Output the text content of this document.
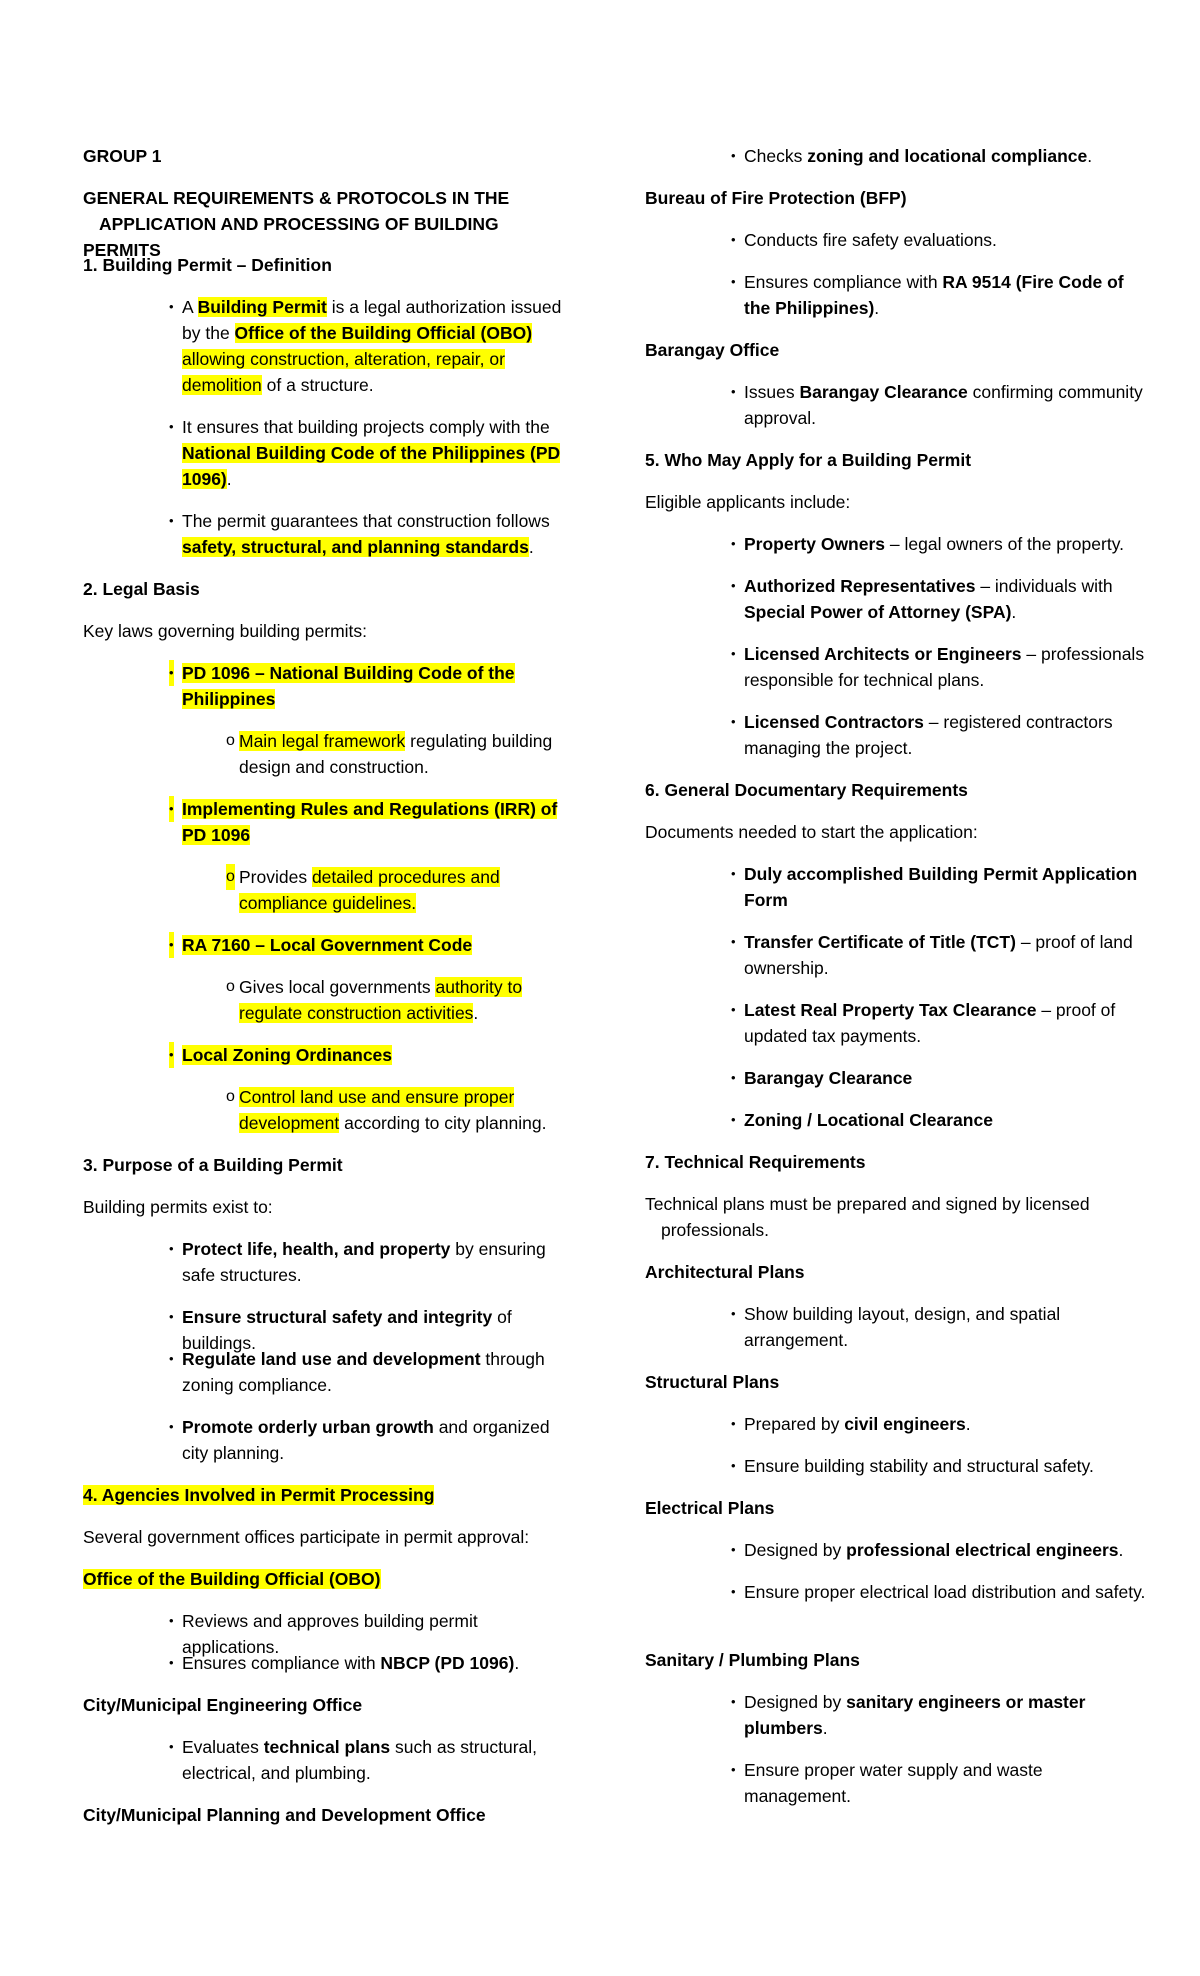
GROUP 1
GENERAL REQUIREMENTS & PROTOCOLS IN THE
APPLICATION AND PROCESSING OF BUILDING PERMITS
1. Building Permit – Definition
• A Building Permit is a legal authorization issued by the Office of the Building Official (OBO) allowing construction, alteration, repair, or demolition of a structure.
• It ensures that building projects comply with the National Building Code of the Philippines (PD 1096).
• The permit guarantees that construction follows safety, structural, and planning standards.
2. Legal Basis
Key laws governing building permits:
• PD 1096 – National Building Code of the Philippines
o Main legal framework regulating building design and construction.
• Implementing Rules and Regulations (IRR) of PD 1096
o Provides detailed procedures and compliance guidelines.
• RA 7160 – Local Government Code
o Gives local governments authority to regulate construction activities.
• Local Zoning Ordinances
o Control land use and ensure proper development according to city planning.
3. Purpose of a Building Permit
Building permits exist to:
• Protect life, health, and property by ensuring safe structures.
• Ensure structural safety and integrity of buildings.
• Regulate land use and development through zoning compliance.
• Promote orderly urban growth and organized city planning.
4. Agencies Involved in Permit Processing
Several government offices participate in permit approval:
Office of the Building Official (OBO)
• Reviews and approves building permit applications.
• Ensures compliance with NBCP (PD 1096).
City/Municipal Engineering Office
• Evaluates technical plans such as structural, electrical, and plumbing.
City/Municipal Planning and Development Office
• Checks zoning and locational compliance.
Bureau of Fire Protection (BFP)
• Conducts fire safety evaluations.
• Ensures compliance with RA 9514 (Fire Code of the Philippines).
Barangay Office
• Issues Barangay Clearance confirming community approval.
5. Who May Apply for a Building Permit
Eligible applicants include:
• Property Owners – legal owners of the property.
• Authorized Representatives – individuals with Special Power of Attorney (SPA).
• Licensed Architects or Engineers – professionals responsible for technical plans.
• Licensed Contractors – registered contractors managing the project.
6. General Documentary Requirements
Documents needed to start the application:
• Duly accomplished Building Permit Application Form
• Transfer Certificate of Title (TCT) – proof of land ownership.
• Latest Real Property Tax Clearance – proof of updated tax payments.
• Barangay Clearance
• Zoning / Locational Clearance
7. Technical Requirements
Technical plans must be prepared and signed by licensed professionals.
Architectural Plans
• Show building layout, design, and spatial arrangement.
Structural Plans
• Prepared by civil engineers.
• Ensure building stability and structural safety.
Electrical Plans
• Designed by professional electrical engineers.
• Ensure proper electrical load distribution and safety.
Sanitary / Plumbing Plans
• Designed by sanitary engineers or master plumbers.
• Ensure proper water supply and waste management.
